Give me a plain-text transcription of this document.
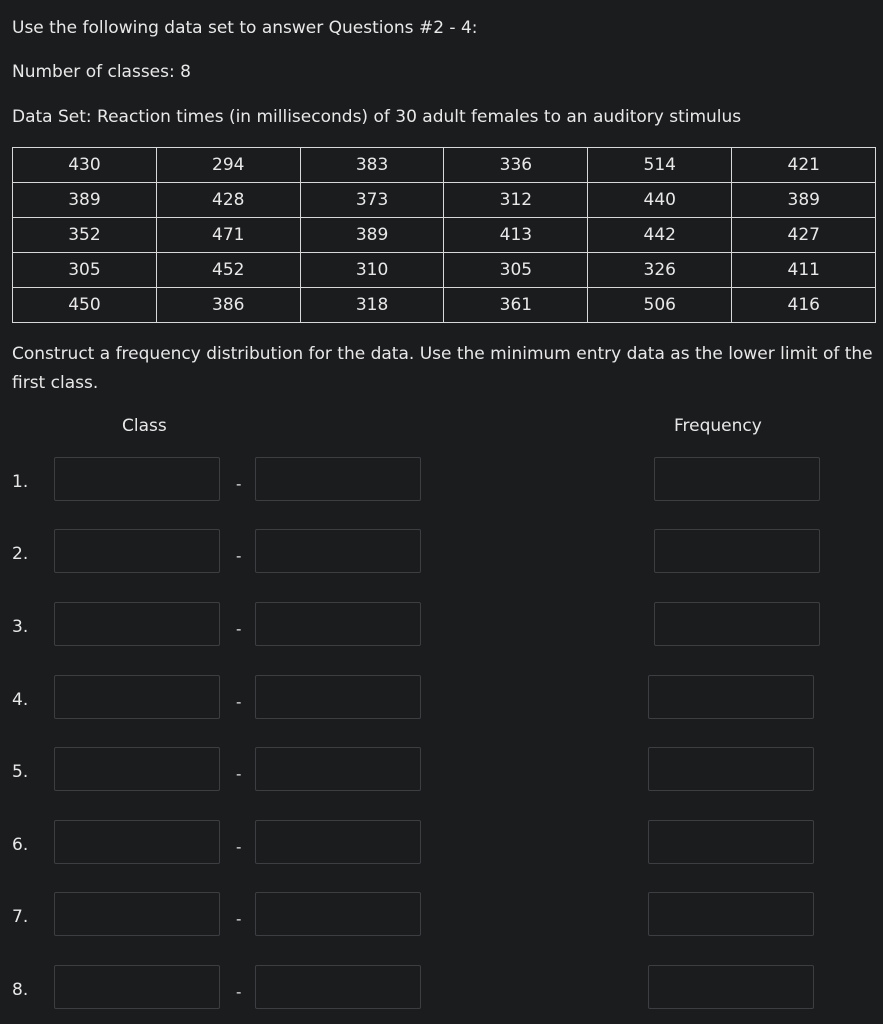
Use the following data set to answer Questions #2 - 4:
Number of classes: 8
Data Set: Reaction times (in milliseconds) of 30 adult females to an auditory stimulus
430	294	383	336	514	421
389	428	373	312	440	389
352	471	389	413	442	427
305	452	310	305	326	411
450	386	318	361	506	416
Construct a frequency distribution for the data. Use the minimum entry data as the lower limit of the first class.
Class	Frequency
1.	-
2.	-
3.	-
4.	-
5.	-
6.	-
7.	-
8.	-
